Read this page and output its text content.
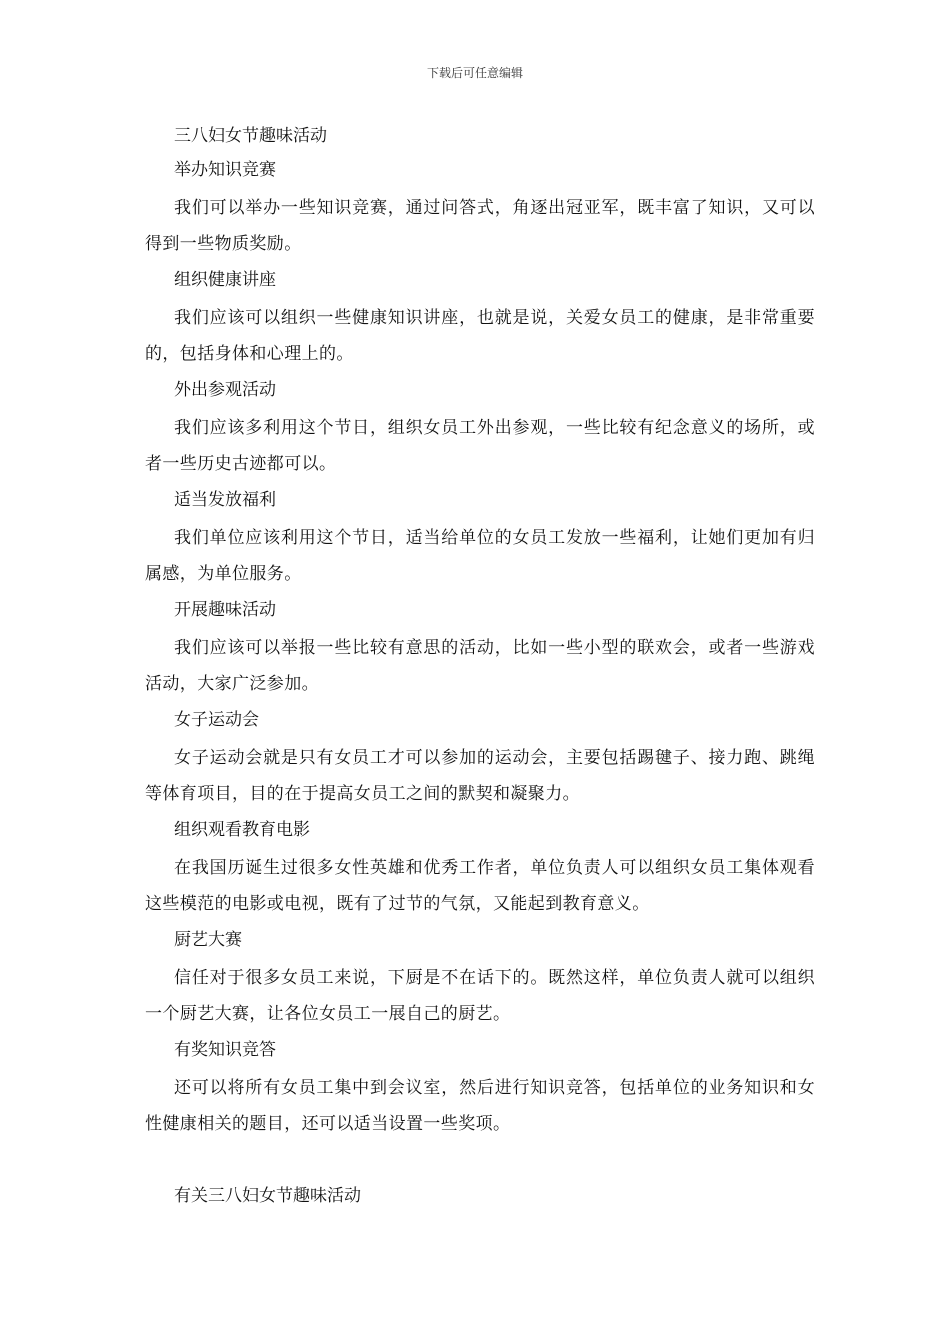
下载后可任意编辑
三八妇女节趣味活动
举办知识竞赛
我们可以举办一些知识竞赛，通过问答式，角逐出冠亚军，既丰富了知识，又可以得到一些物质奖励。
组织健康讲座
我们应该可以组织一些健康知识讲座，也就是说，关爱女员工的健康，是非常重要的，包括身体和心理上的。
外出参观活动
我们应该多利用这个节日，组织女员工外出参观，一些比较有纪念意义的场所，或者一些历史古迹都可以。
适当发放福利
我们单位应该利用这个节日，适当给单位的女员工发放一些福利，让她们更加有归属感，为单位服务。
开展趣味活动
我们应该可以举报一些比较有意思的活动，比如一些小型的联欢会，或者一些游戏活动，大家广泛参加。
女子运动会
女子运动会就是只有女员工才可以参加的运动会，主要包括踢毽子、接力跑、跳绳等体育项目，目的在于提高女员工之间的默契和凝聚力。
组织观看教育电影
在我国历诞生过很多女性英雄和优秀工作者，单位负责人可以组织女员工集体观看这些模范的电影或电视，既有了过节的气氛，又能起到教育意义。
厨艺大赛
信任对于很多女员工来说，下厨是不在话下的。既然这样，单位负责人就可以组织一个厨艺大赛，让各位女员工一展自己的厨艺。
有奖知识竞答
还可以将所有女员工集中到会议室，然后进行知识竞答，包括单位的业务知识和女性健康相关的题目，还可以适当设置一些奖项。
有关三八妇女节趣味活动
